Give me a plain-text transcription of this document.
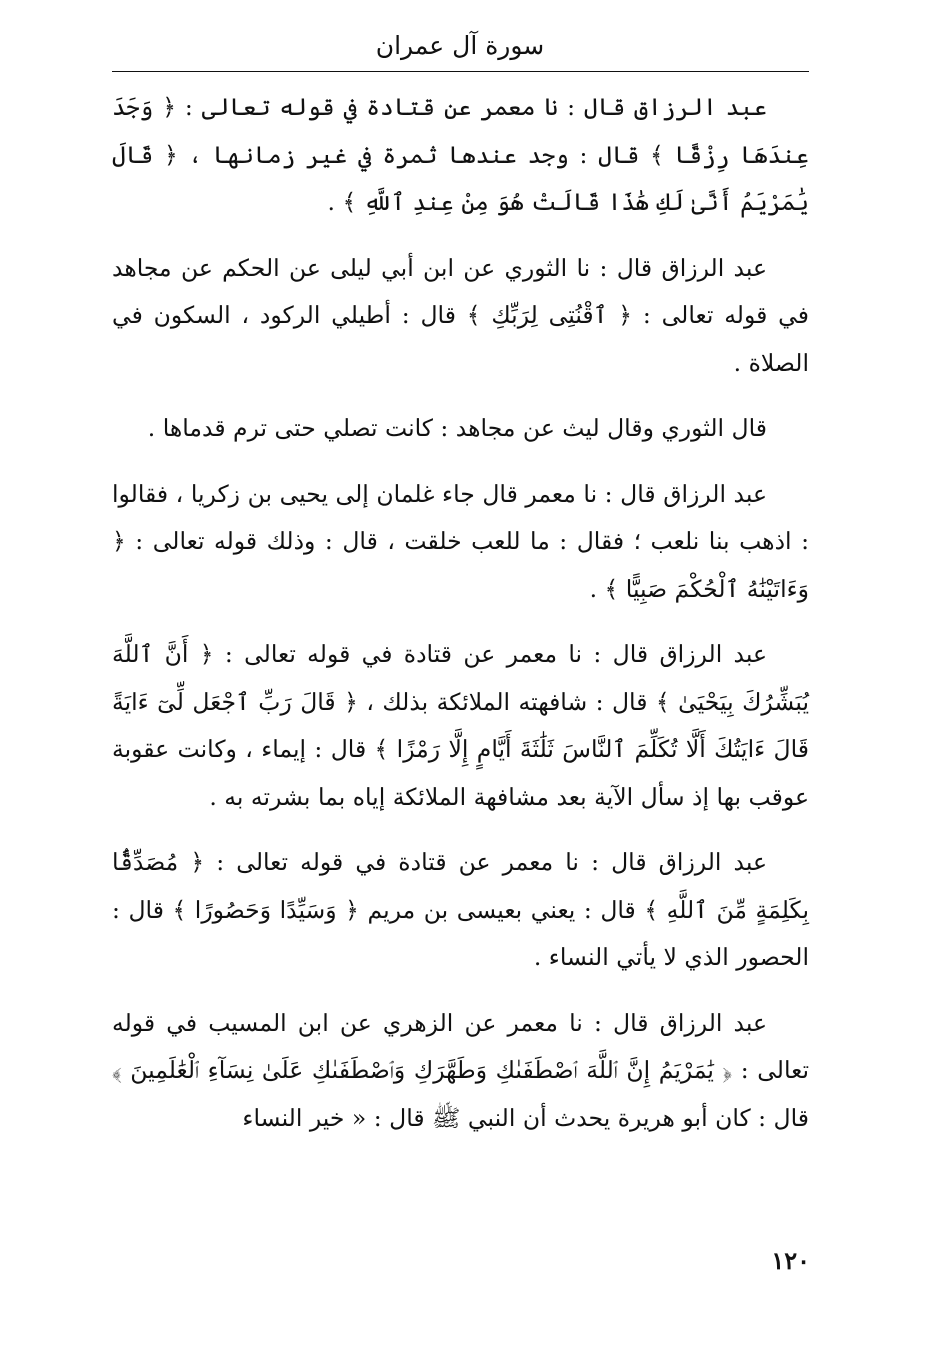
سورة آل عمران

عبد الرزاق قال : نا معمر عن قتادة في قوله تعالى : ﴿ وَجَدَ عِندَهَا رِزْقًا ﴾ قال : وجد عندها ثمرة في غير زمانها ، ﴿ قَالَ يَٰمَرْيَمُ أَنَّىٰ لَكِ هَٰذَا قَالَتْ هُوَ مِنْ عِندِ ٱللَّهِ ﴾ .

عبد الرزاق قال : نا الثوري عن ابن أبي ليلى عن الحكم عن مجاهد في قوله تعالى : ﴿ ٱقْنُتِى لِرَبِّكِ ﴾ قال : أطيلي الركود ، السكون في الصلاة .

قال الثوري وقال ليث عن مجاهد : كانت تصلي حتى ترم قدماها .

عبد الرزاق قال : نا معمر قال جاء غلمان إلى يحيى بن زكريا ، فقالوا : اذهب بنا نلعب ؛ فقال : ما للعب خلقت ، قال : وذلك قوله تعالى : ﴿ وَءَاتَيْنَٰهُ ٱلْحُكْمَ صَبِيًّا ﴾ .

عبد الرزاق قال : نا معمر عن قتادة في قوله تعالى : ﴿ أَنَّ ٱللَّهَ يُبَشِّرُكَ بِيَحْيَىٰ ﴾ قال : شافهته الملائكة بذلك ، ﴿ قَالَ رَبِّ ٱجْعَل لِّىٓ ءَايَةً قَالَ ءَايَتُكَ أَلَّا تُكَلِّمَ ٱلنَّاسَ ثَلَٰثَةَ أَيَّامٍ إِلَّا رَمْزًا ﴾ قال : إيماء ، وكانت عقوبة عوقب بها إذ سأل الآية بعد مشافهة الملائكة إياه بما بشرته به .

عبد الرزاق قال : نا معمر عن قتادة في قوله تعالى : ﴿ مُصَدِّقًۢا بِكَلِمَةٍ مِّنَ ٱللَّهِ ﴾ قال : يعني بعيسى بن مريم ﴿ وَسَيِّدًا وَحَصُورًا ﴾ قال : الحصور الذي لا يأتي النساء .

عبد الرزاق قال : نا معمر عن الزهري عن ابن المسيب في قوله تعالى : ﴿ يَٰمَرْيَمُ إِنَّ ٱللَّهَ ٱصْطَفَىٰكِ وَطَهَّرَكِ وَٱصْطَفَىٰكِ عَلَىٰ نِسَآءِ ٱلْعَٰلَمِينَ ﴾ قال : كان أبو هريرة يحدث أن النبي ﷺ قال : « خير النساء

١٢٠
